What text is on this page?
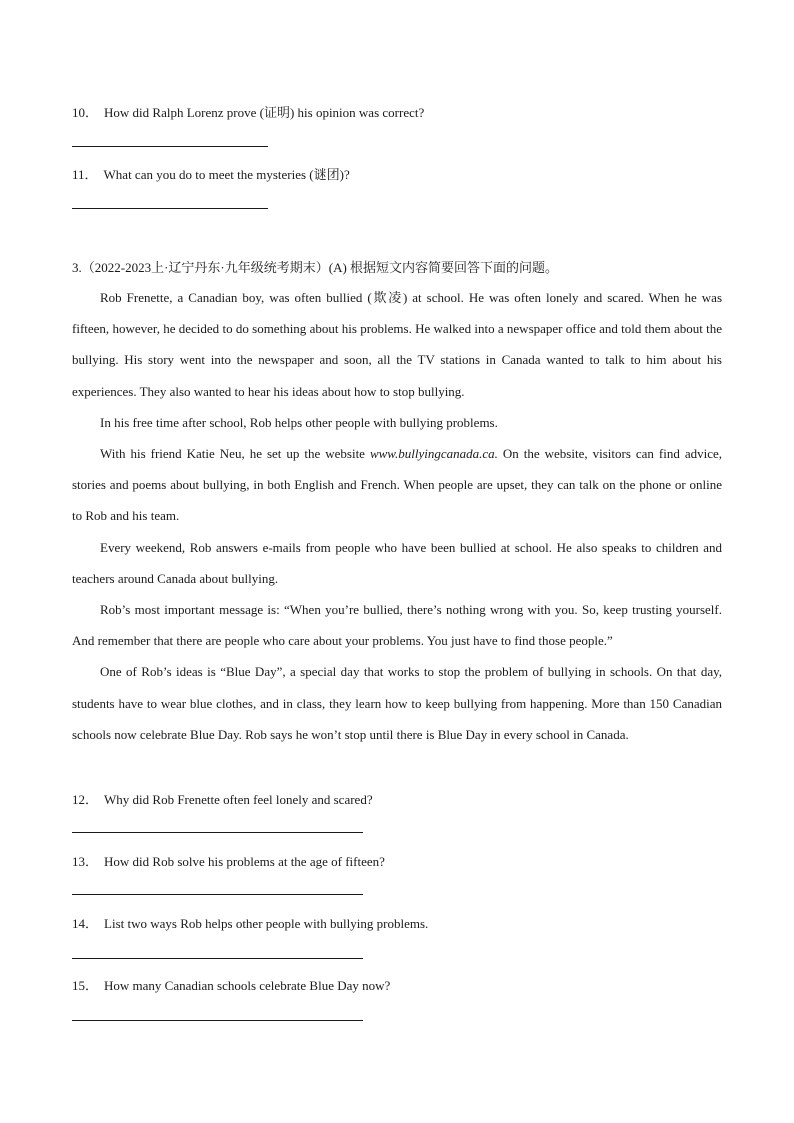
10． How did Ralph Lorenz prove (证明) his opinion was correct?
11． What can you do to meet the mysteries (谜团)?
3.（2022-2023上·辽宁丹东·九年级统考期末）(A) 根据短文内容简要回答下面的问题。
Rob Frenette, a Canadian boy, was often bullied (欺凌) at school. He was often lonely and scared. When he was fifteen, however, he decided to do something about his problems. He walked into a newspaper office and told them about the bullying. His story went into the newspaper and soon, all the TV stations in Canada wanted to talk to him about his experiences. They also wanted to hear his ideas about how to stop bullying.
In his free time after school, Rob helps other people with bullying problems.
With his friend Katie Neu, he set up the website www.bullyingcanada.ca. On the website, visitors can find advice, stories and poems about bullying, in both English and French. When people are upset, they can talk on the phone or online to Rob and his team.
Every weekend, Rob answers e-mails from people who have been bullied at school. He also speaks to children and teachers around Canada about bullying.
Rob’s most important message is: “When you’re bullied, there’s nothing wrong with you. So, keep trusting yourself. And remember that there are people who care about your problems. You just have to find those people.”
One of Rob’s ideas is “Blue Day”, a special day that works to stop the problem of bullying in schools. On that day, students have to wear blue clothes, and in class, they learn how to keep bullying from happening. More than 150 Canadian schools now celebrate Blue Day. Rob says he won’t stop until there is Blue Day in every school in Canada.
12． Why did Rob Frenette often feel lonely and scared?
13． How did Rob solve his problems at the age of fifteen?
14． List two ways Rob helps other people with bullying problems.
15． How many Canadian schools celebrate Blue Day now?
